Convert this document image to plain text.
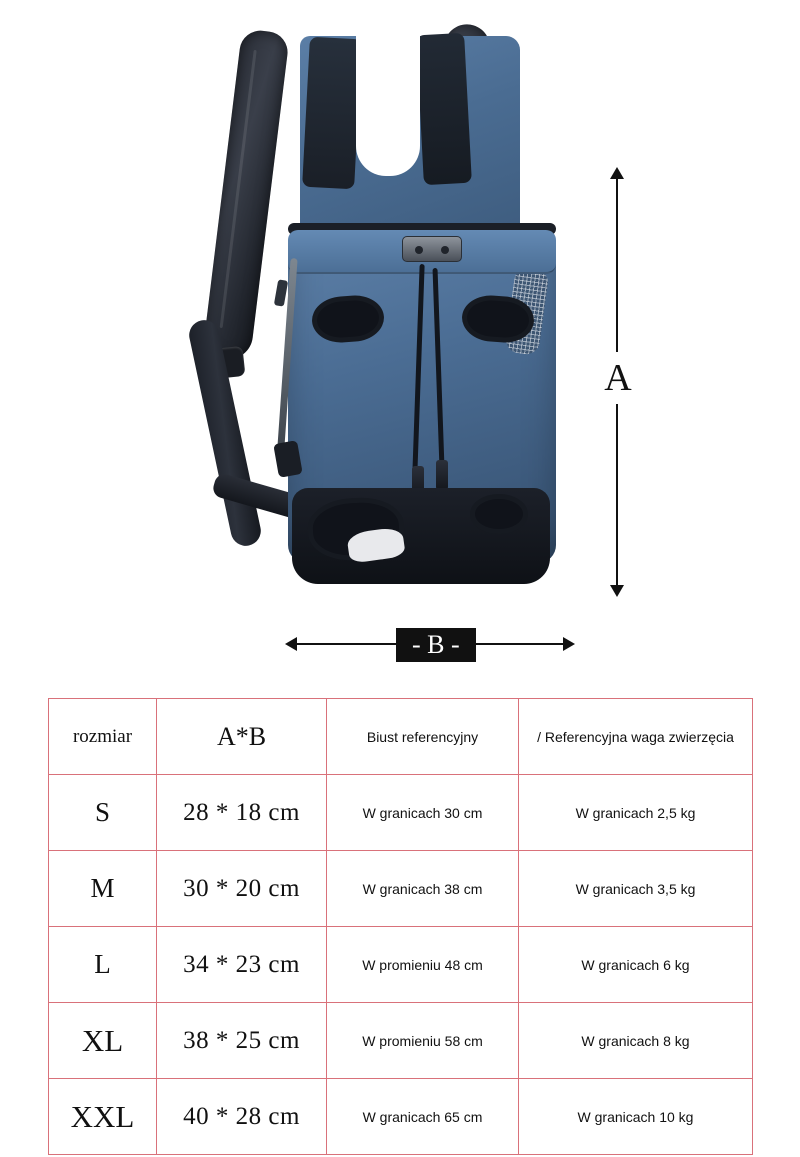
A
- B -
rozmiar	A*B	Biust referencyjny	/ Referencyjna waga zwierzęcia
S	28 * 18 cm	W granicach 30 cm	W granicach 2,5 kg
M	30 * 20 cm	W granicach 38 cm	W granicach 3,5 kg
L	34 * 23 cm	W promieniu 48 cm	W granicach 6 kg
XL	38 * 25 cm	W promieniu 58 cm	W granicach 8 kg
XXL	40 * 28 cm	W granicach 65 cm	W granicach 10 kg
